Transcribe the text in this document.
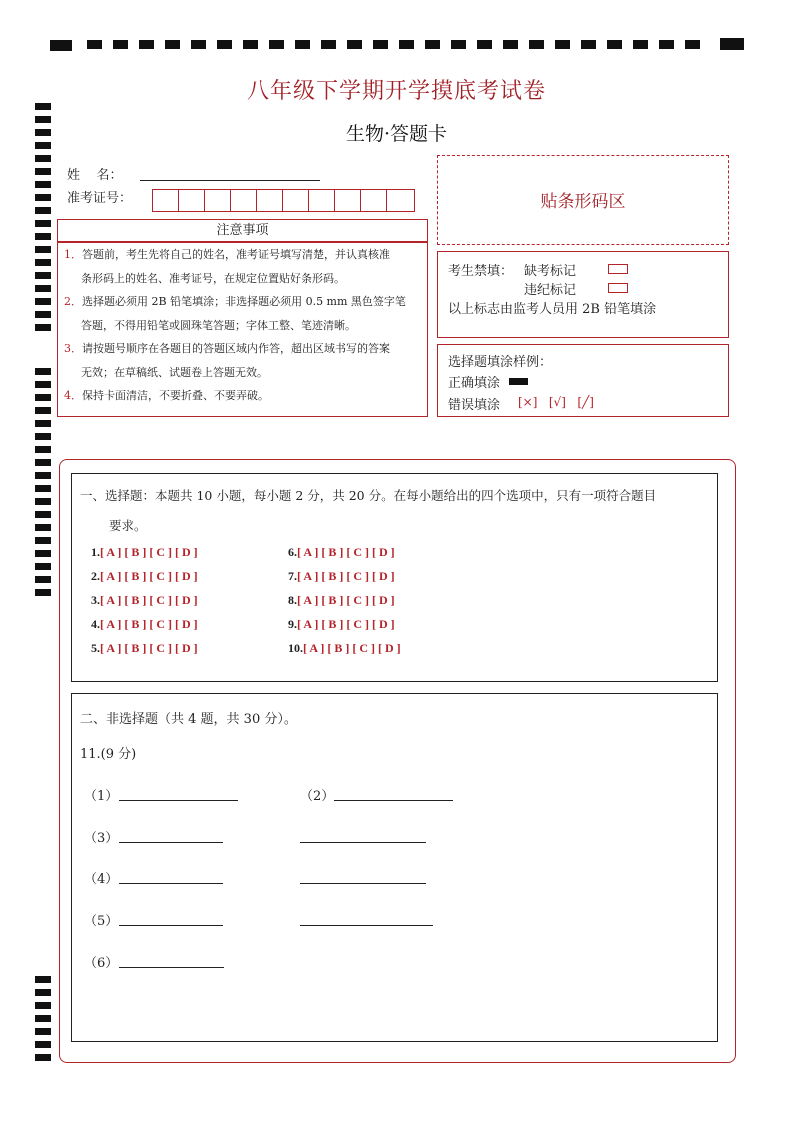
八年级下学期开学摸底考试卷
生物·答题卡
姓    名：
准考证号：	贴条形码区
注意事项
1．答题前，考生先将自己的姓名，准考证号填写清楚，并认真核准
条形码上的姓名、准考证号，在规定位置贴好条形码。
2．选择题必须用 2B 铅笔填涂；非选择题必须用 0.5 mm 黑色签字笔
答题，不得用铅笔或圆珠笔答题；字体工整、笔迹清晰。
3．请按题号顺序在各题目的答题区域内作答，超出区域书写的答案
无效；在草稿纸、试题卷上答题无效。
4．保持卡面清洁，不要折叠、不要弄破。
考生禁填： 缺考标记
违纪标记
以上标志由监考人员用 2B 铅笔填涂
选择题填涂样例：
正确填涂
错误填涂 [×]   [√]   [╱]
一、选择题：本题共 10 小题，每小题 2 分，共 20 分。在每小题给出的四个选项中，只有一项符合题目
要求。
1.[ A ] [ B ] [ C ] [ D ]
2.[ A ] [ B ] [ C ] [ D ]
3.[ A ] [ B ] [ C ] [ D ]
4.[ A ] [ B ] [ C ] [ D ]
5.[ A ] [ B ] [ C ] [ D ]
6.[ A ] [ B ] [ C ] [ D ]
7.[ A ] [ B ] [ C ] [ D ]
8.[ A ] [ B ] [ C ] [ D ]
9.[ A ] [ B ] [ C ] [ D ]
10.[ A ] [ B ] [ C ] [ D ]
二、非选择题（共 4 题，共 30 分）。
11.(9 分)
（1）	（2）
（3）
（4）
（5）
（6）
